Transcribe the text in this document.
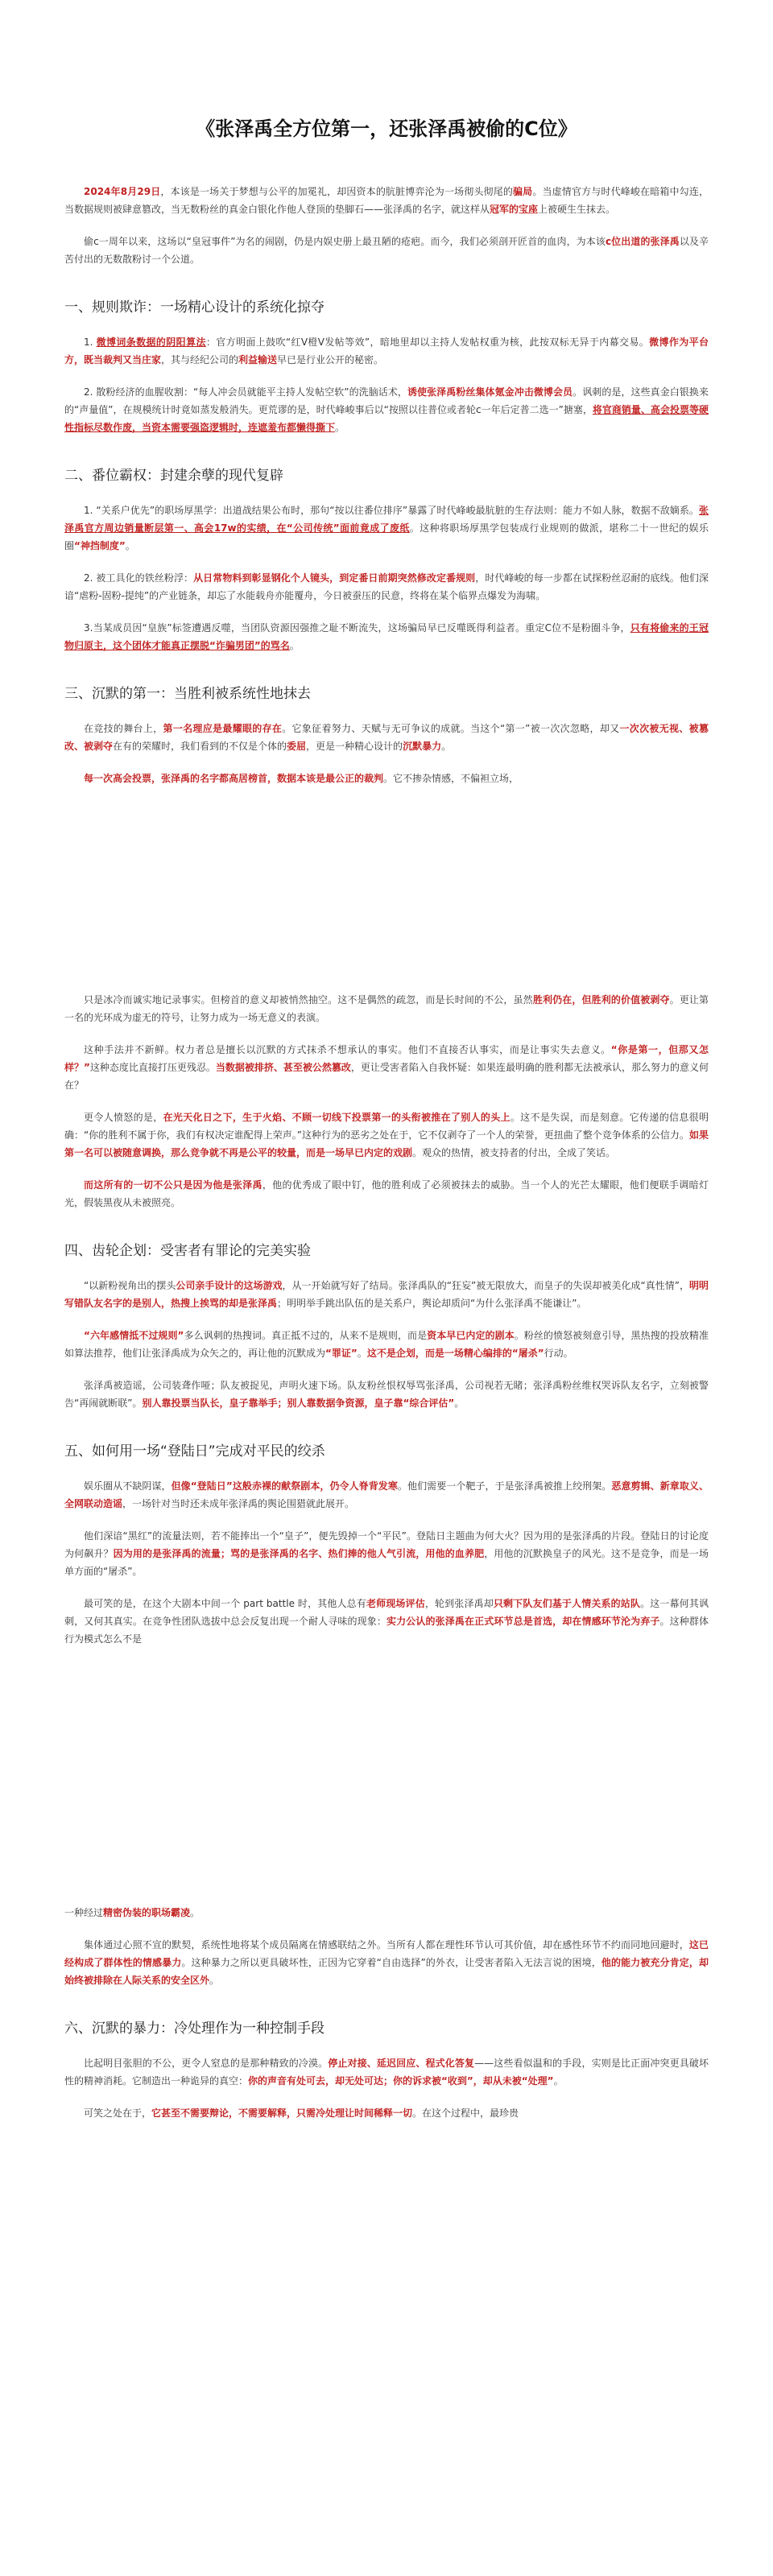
《张泽禹全方位第一，还张泽禹被偷的C位》

2024年8月29日，本该是一场关于梦想与公平的加冕礼，却因资本的肮脏博弈沦为一场彻头彻尾的骗局。当虚情官方与时代峰峻在暗箱中勾连，当数据规则被肆意篡改，当无数粉丝的真金白银化作他人登顶的垫脚石——张泽禹的名字，就这样从冠军的宝座上被硬生生抹去。

偷c一周年以来，这场以“皇冠事件”为名的闹剧，仍是内娱史册上最丑陋的疮疤。而今，我们必须剖开匠首的血肉，为本该c位出道的张泽禹以及辛苦付出的无数散粉讨一个公道。

一、规则欺诈：一场精心设计的系统化掠夺

1. 微博词条数据的阴阳算法：官方明面上鼓吹“红V橙V发帖等效”，暗地里却以主持人发帖权重为核，此按双标无异于内幕交易。微博作为平台方，既当裁判又当庄家，其与经纪公司的利益输送早已是行业公开的秘密。

2. 散粉经济的血腥收割：“每人冲会员就能平主持人发帖空软”的洗脑话术，诱使张泽禹粉丝集体氪金冲击微博会员。讽刺的是，这些真金白银换来的“声量值”，在规模统计时竟如蒸发般消失。更荒谬的是，时代峰峻事后以“按照以往普位或者轮c一年后定普二选一”搪塞，将官商销量、高会投票等硬性指标尽数作废，当资本需要强盗逻辑时，连遮羞布都懒得撕下。

二、番位霸权：封建余孽的现代复辟

1. “关系户优先”的职场厚黑学：出道战结果公布时，那句“按以往番位排序”暴露了时代峰峻最肮脏的生存法则：能力不如人脉，数据不敌嫡系。张泽禹官方周边销量断层第一、高会17w的实绩，在“公司传统”面前竟成了废纸。这种将职场厚黑学包装成行业规则的做派，堪称二十一世纪的娱乐圈“神挡制度”。

2. 被工具化的铁丝粉浮：从日常物料到彰显钢化个人镜头，到定番日前期突然修改定番规则，时代峰峻的每一步都在试探粉丝忍耐的底线。他们深谙“虐粉-固粉-提纯”的产业链条，却忘了水能载舟亦能覆舟，今日被蚕压的民意，终将在某个临界点爆发为海啸。

3.当某成员因“皇族”标签遭遇反噬，当团队资源因强推之耻不断流失，这场骗局早已反噬既得利益者。重定C位不是粉圈斗争，只有将偷来的王冠物归原主，这个团体才能真正摆脱“诈骗男团”的骂名。

三、沉默的第一：当胜利被系统性地抹去

在竞技的舞台上，第一名理应是最耀眼的存在。它象征着努力、天赋与无可争议的成就。当这个“第一”被一次次忽略，却又一次次被无视、被篡改、被剥夺在有的荣耀时，我们看到的不仅是个体的委屈，更是一种精心设计的沉默暴力。

每一次高会投票，张泽禹的名字都高居榜首，数据本该是最公正的裁判。它不掺杂情感，不偏袒立场，

只是冰冷而诚实地记录事实。但榜首的意义却被悄然抽空。这不是偶然的疏忽，而是长时间的不公，虽然胜利仍在，但胜利的价值被剥夺。更让第一名的光环成为虚无的符号，让努力成为一场无意义的表演。

这种手法并不新鲜。权力者总是擅长以沉默的方式抹杀不想承认的事实。他们不直接否认事实，而是让事实失去意义。“你是第一，但那又怎样？”这种态度比直接打压更残忍。当数据被排挤、甚至被公然篡改，更让受害者陷入自我怀疑：如果连最明确的胜利都无法被承认，那么努力的意义何在？

更令人愤怒的是，在光天化日之下，生于火焰、不顾一切线下投票第一的头衔被推在了别人的头上。这不是失误，而是刻意。它传递的信息很明确：“你的胜利不属于你，我们有权决定谁配得上荣声。”这种行为的恶劣之处在于，它不仅剥夺了一个人的荣誉，更扭曲了整个竞争体系的公信力。如果第一名可以被随意调换，那么竞争就不再是公平的较量，而是一场早已内定的戏剧。观众的热情，被支持者的付出，全成了笑话。

而这所有的一切不公只是因为他是张泽禹，他的优秀成了眼中钉，他的胜利成了必须被抹去的威胁。当一个人的光芒太耀眼，他们便联手调暗灯光，假装黑夜从未被照亮。

四、齿轮企划：受害者有罪论的完美实验

“以新粉视角出的摆头公司亲手设计的这场游戏，从一开始就写好了结局。张泽禹队的“狂妄”被无限放大，而皇子的失误却被美化成“真性情”，明明写错队友名字的是别人，热搜上挨骂的却是张泽禹；明明举手跳出队伍的是关系户，舆论却质问“为什么张泽禹不能谦让”。

“六年感情抵不过规则”多么讽刺的热搜词。真正抵不过的，从来不是规则，而是资本早已内定的剧本。粉丝的愤怒被刻意引导，黑热搜的投放精准如算法推荐，他们让张泽禹成为众矢之的，再让他的沉默成为“罪证”。这不是企划，而是一场精心编排的“屠杀”行动。

张泽禹被造谣，公司装聋作哑；队友被捉见，声明火速下场。队友粉丝恨权辱骂张泽禹，公司视若无睹；张泽禹粉丝维权哭诉队友名字，立刻被警告“再闹就断联”。别人靠投票当队长，皇子靠举手；别人靠数据争资源，皇子靠“综合评估”。

五、如何用一场“登陆日”完成对平民的绞杀

娱乐圈从不缺阴谋，但像“登陆日”这般赤裸的献祭剧本，仍令人脊背发寒。他们需要一个靶子，于是张泽禹被推上绞刑架。恶意剪辑、新章取义、全网联动造谣，一场针对当时还未成年张泽禹的舆论围猎就此展开。

他们深谙“黑红”的流量法则，若不能捧出一个“皇子”，便先毁掉一个“平民”。登陆日主题曲为何大火？因为用的是张泽禹的片段。登陆日的讨论度为何飙升？因为用的是张泽禹的流量；骂的是张泽禹的名字、热们捧的他人气引流，用他的血养肥，用他的沉默换皇子的风光。这不是竞争，而是一场单方面的“屠杀”。

最可笑的是，在这个大剧本中间一个 part battle 时，其他人总有老师现场评估，轮到张泽禹却只剩下队友们基于人情关系的站队。这一幕何其讽刺，又何其真实。在竞争性团队选拔中总会反复出现一个耐人寻味的现象：实力公认的张泽禹在正式环节总是首选，却在情感环节沦为弃子。这种群体行为模式怎么不是

一种经过精密伪装的职场霸凌。

集体通过心照不宣的默契，系统性地将某个成员隔离在情感联结之外。当所有人都在理性环节认可其价值，却在感性环节不约而同地回避时，这已经构成了群体性的情感暴力。这种暴力之所以更具破坏性，正因为它穿着“自由选择”的外衣，让受害者陷入无法言说的困境，他的能力被充分肯定，却始终被排除在人际关系的安全区外。

六、沉默的暴力：冷处理作为一种控制手段

比起明目张胆的不公，更令人窒息的是那种精致的冷漠。停止对接、延迟回应、程式化答复——这些看似温和的手段，实则是比正面冲突更具破坏性的精神消耗。它制造出一种诡异的真空：你的声音有处可去，却无处可达；你的诉求被“收到”，却从未被“处理”。

可笑之处在于，它甚至不需要辩论，不需要解释，只需冷处理让时间稀释一切。在这个过程中，最珍贵
